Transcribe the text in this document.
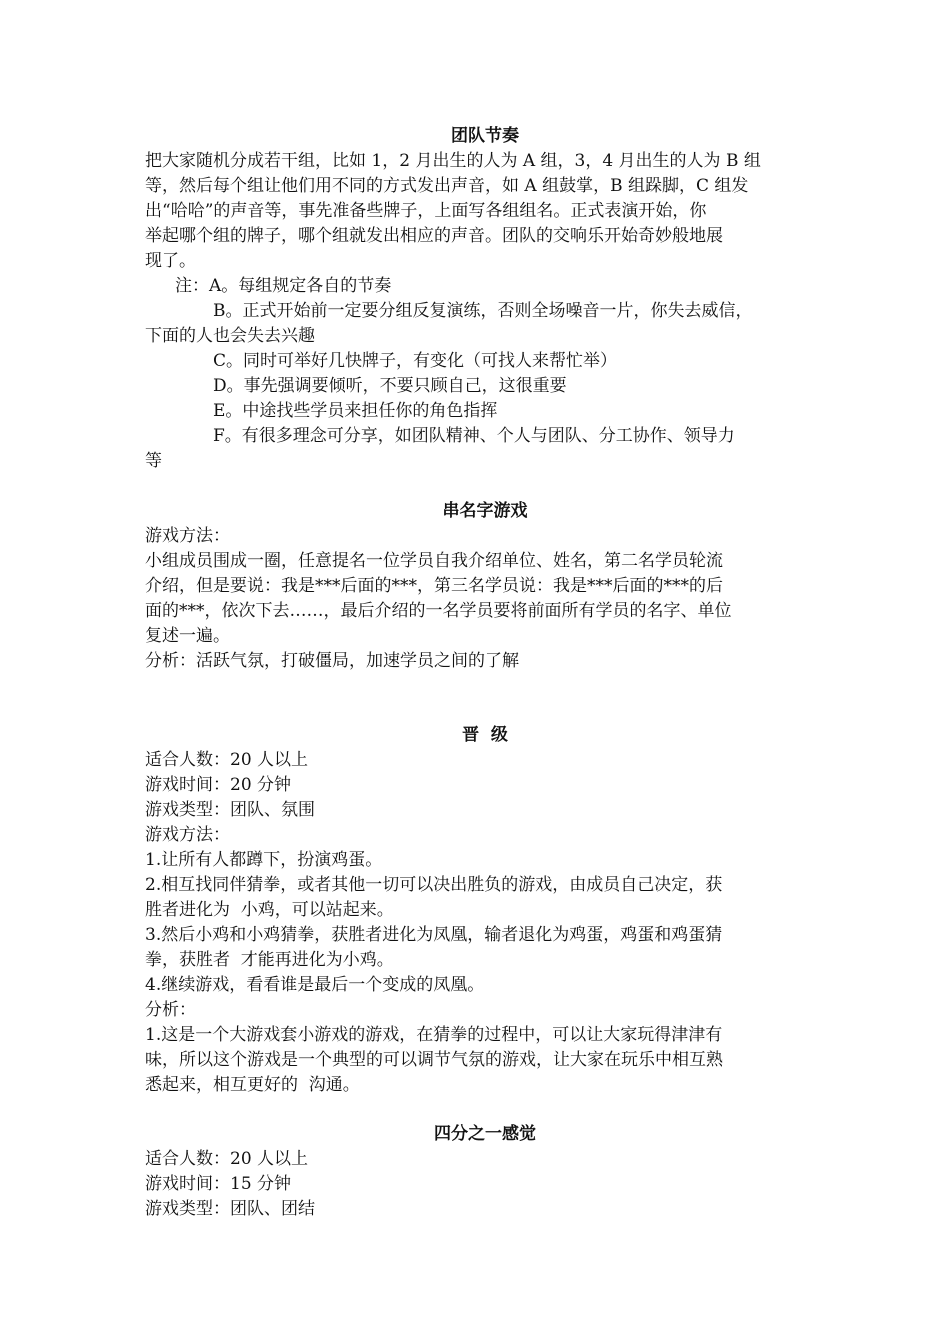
团队节奏

把大家随机分成若干组，比如 1，2 月出生的人为 A 组，3，4 月出生的人为 B 组

等，然后每个组让他们用不同的方式发出声音，如 A 组鼓掌，B 组跺脚，C 组发

出“哈哈”的声音等，事先准备些牌子，上面写各组组名。正式表演开始，你

举起哪个组的牌子，哪个组就发出相应的声音。团队的交响乐开始奇妙般地展

现了。

注：A。每组规定各自的节奏

B。正式开始前一定要分组反复演练，否则全场噪音一片，你失去威信，

下面的人也会失去兴趣

C。同时可举好几快牌子，有变化（可找人来帮忙举）

D。事先强调要倾听，不要只顾自己，这很重要

E。中途找些学员来担任你的角色指挥

F。有很多理念可分享，如团队精神、个人与团队、分工协作、领导力

等

串名字游戏

游戏方法：

小组成员围成一圈，任意提名一位学员自我介绍单位、姓名，第二名学员轮流

介绍，但是要说：我是***后面的***，第三名学员说：我是***后面的***的后

面的***，依次下去……，最后介绍的一名学员要将前面所有学员的名字、单位

复述一遍。

分析：活跃气氛，打破僵局，加速学员之间的了解

晋  级

适合人数：20 人以上

游戏时间：20 分钟

游戏类型：团队、氛围

游戏方法：

1.让所有人都蹲下，扮演鸡蛋。

2.相互找同伴猜拳，或者其他一切可以决出胜负的游戏，由成员自己决定，获

胜者进化为  小鸡，可以站起来。

3.然后小鸡和小鸡猜拳，获胜者进化为凤凰，输者退化为鸡蛋，鸡蛋和鸡蛋猜

拳，获胜者  才能再进化为小鸡。

4.继续游戏，看看谁是最后一个变成的凤凰。

分析：

1.这是一个大游戏套小游戏的游戏，在猜拳的过程中，可以让大家玩得津津有

味，所以这个游戏是一个典型的可以调节气氛的游戏，让大家在玩乐中相互熟

悉起来，相互更好的  沟通。

四分之一感觉

适合人数：20 人以上

游戏时间：15 分钟

游戏类型：团队、团结
